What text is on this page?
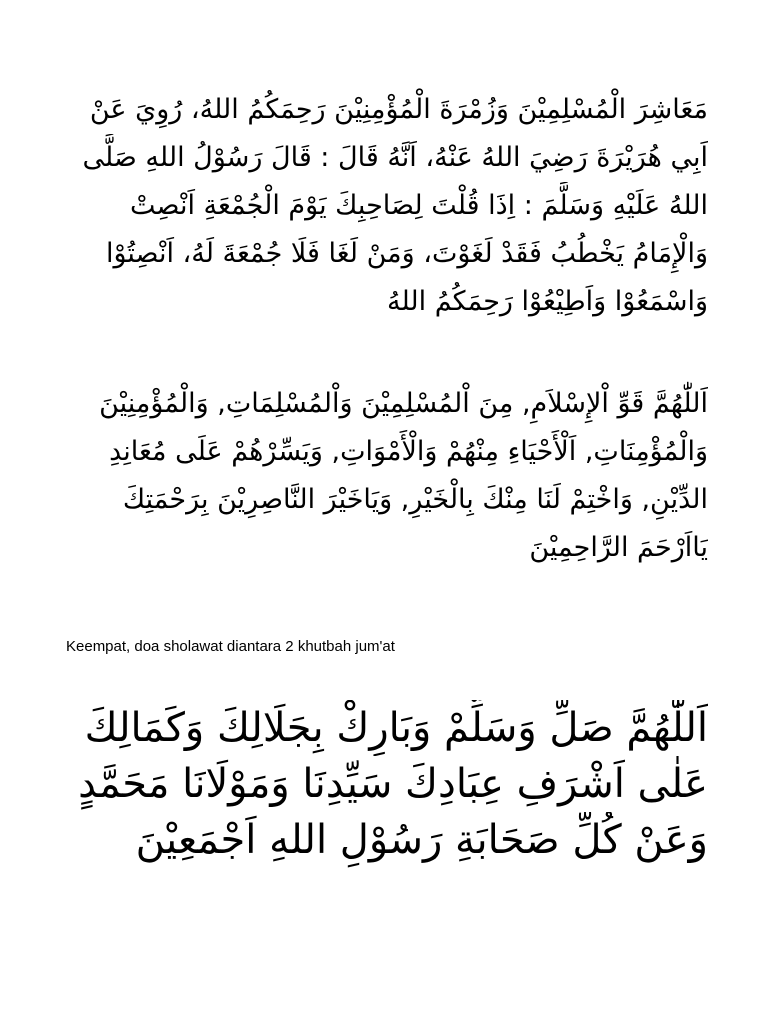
مَعَاشِرَ الْمُسْلِمِيْنَ وَزُمْرَةَ الْمُؤْمِنِيْنَ رَحِمَكُمُ اللهُ، رُوِيَ عَنْ
اَبِي هُرَيْرَةَ رَضِيَ اللهُ عَنْهُ، اَنَّهُ قَالَ : قَالَ رَسُوْلُ اللهِ صَلَّى
اللهُ عَلَيْهِ وَسَلَّمَ : اِذَا قُلْتَ لِصَاحِبِكَ يَوْمَ الْجُمْعَةِ اَنْصِتْ
وَالْإِمَامُ يَخْطُبُ فَقَدْ لَغَوْتَ، وَمَنْ لَغَا فَلَا جُمْعَةَ لَهُ، اَنْصِتُوْا
وَاسْمَعُوْا وَاَطِيْعُوْا رَحِمَكُمُ اللهُ
اَللّٰهُمَّ قَوِّ اْلإِسْلاَمِ, مِنَ اْلمُسْلِمِيْنَ وَاْلمُسْلِمَاتِ, وَالْمُؤْمِنِيْنَ
وَالْمُؤْمِنَاتِ, اَلْأَحْيَاءِ مِنْهُمْ وَالْأَمْوَاتِ, وَيَسِّرْهُمْ عَلَى مُعَانِدِ
الدِّيْنِ, وَاخْتِمْ لَنَا مِنْكَ بِالْخَيْرِ, وَيَاخَيْرَ النَّاصِرِيْنَ بِرَحْمَتِكَ
يَااَرْحَمَ الرَّاحِمِيْنَ
Keempat, doa sholawat diantara 2 khutbah jum'at
اَللّٰهُمَّ صَلِّ وَسَلِّمْ وَبَارِكْ بِجَلَالِكَ وَكَمَالِكَ
عَلٰى اَشْرَفِ عِبَادِكَ سَيِّدِنَا وَمَوْلَانَا مَحَمَّدٍ
وَعَنْ كُلِّ صَحَابَةِ رَسُوْلِ اللهِ اَجْمَعِيْنَ
